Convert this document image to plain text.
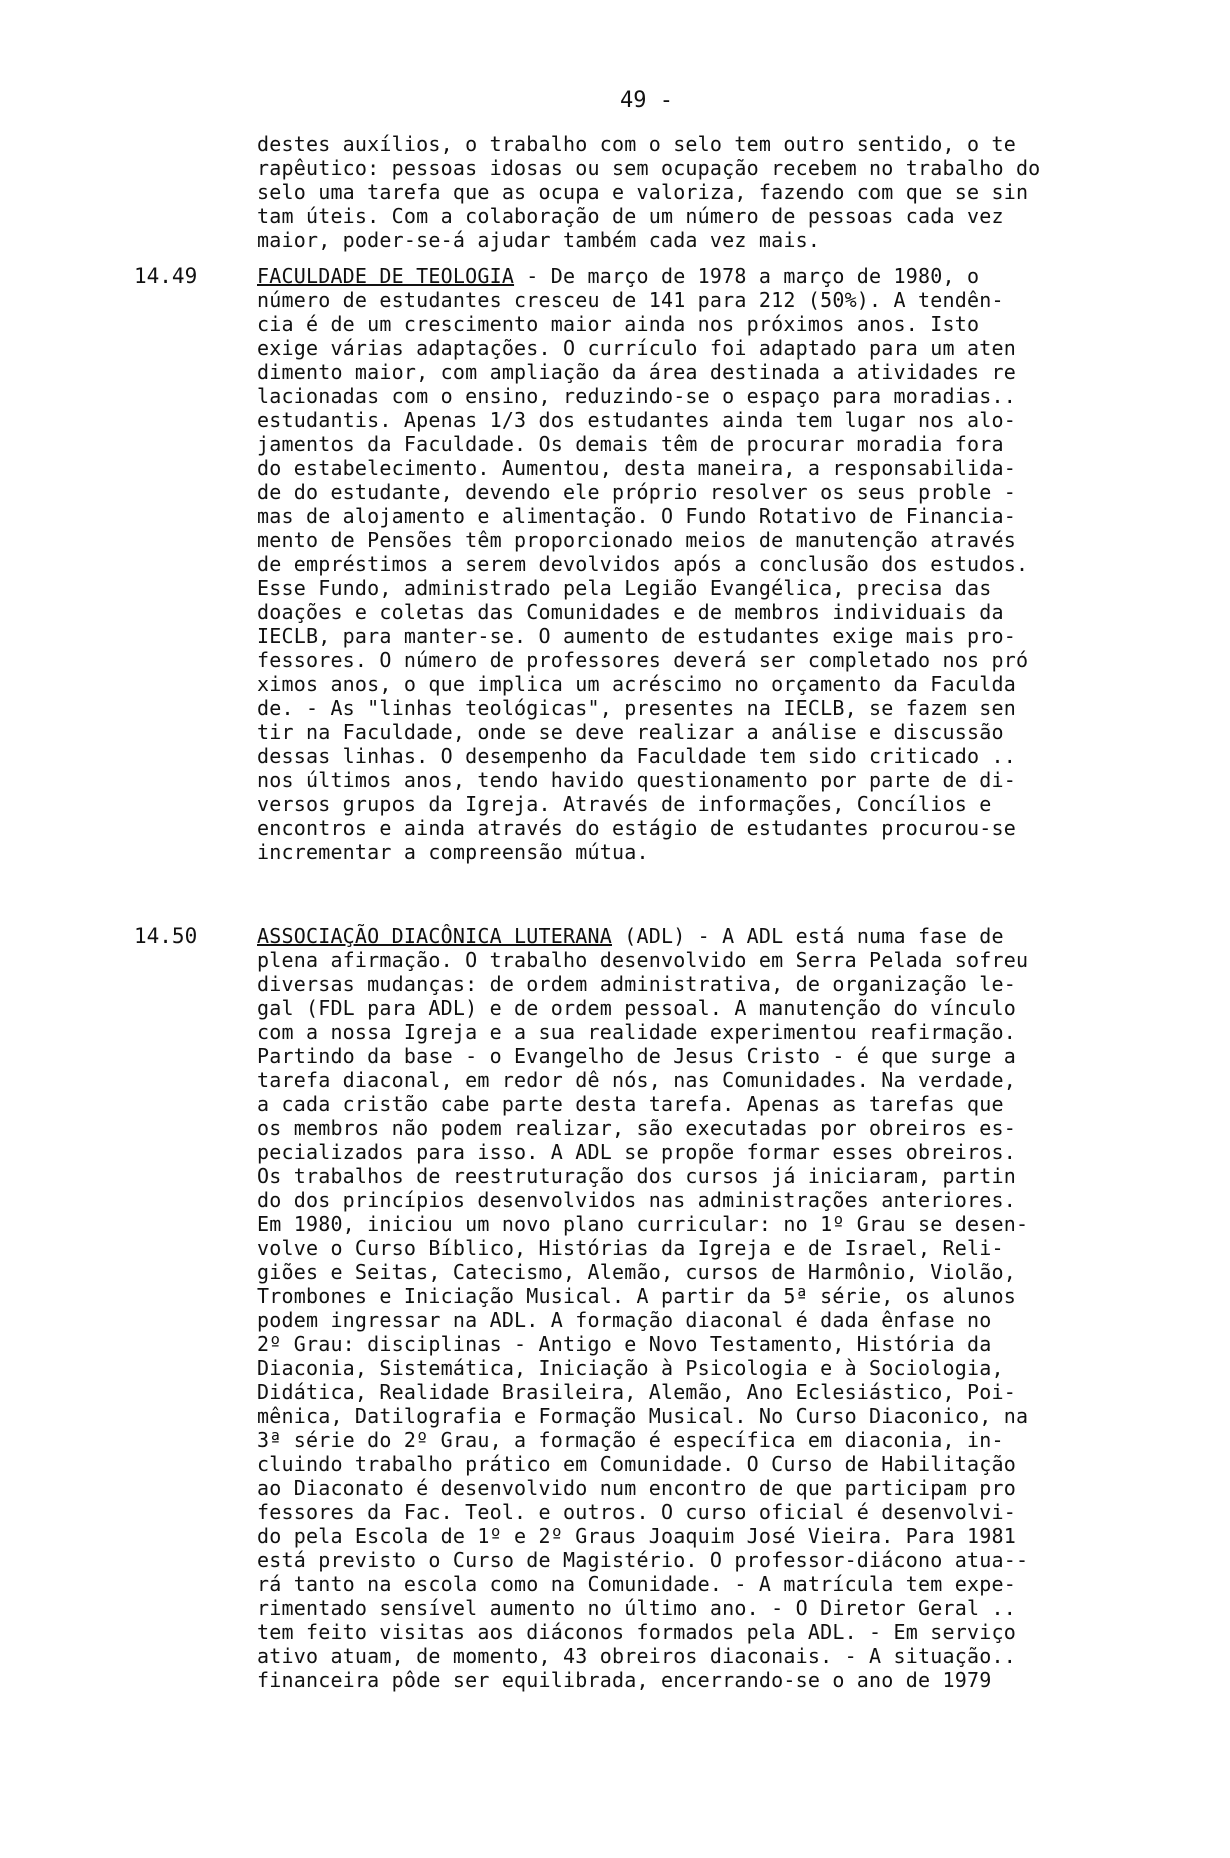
49 -
destes auxílios, o trabalho com o selo tem outro sentido, o te
rapêutico: pessoas idosas ou sem ocupação recebem no trabalho do
selo uma tarefa que as ocupa e valoriza, fazendo com que se sin
tam úteis. Com a colaboração de um número de pessoas cada vez
maior, poder-se-á ajudar também cada vez mais.
14.49	FACULDADE DE TEOLOGIA - De março de 1978 a março de 1980, o
número de estudantes cresceu de 141 para 212 (50%). A tendên-
cia é de um crescimento maior ainda nos próximos anos. Isto
exige várias adaptações. O currículo foi adaptado para um aten
dimento maior, com ampliação da área destinada a atividades re
lacionadas com o ensino, reduzindo-se o espaço para moradias..
estudantis. Apenas 1/3 dos estudantes ainda tem lugar nos alo-
jamentos da Faculdade. Os demais têm de procurar moradia fora
do estabelecimento. Aumentou, desta maneira, a responsabilida-
de do estudante, devendo ele próprio resolver os seus proble -
mas de alojamento e alimentação. O Fundo Rotativo de Financia-
mento de Pensões têm proporcionado meios de manutenção através
de empréstimos a serem devolvidos após a conclusão dos estudos.
Esse Fundo, administrado pela Legião Evangélica, precisa das
doações e coletas das Comunidades e de membros individuais da
IECLB, para manter-se. O aumento de estudantes exige mais pro-
fessores. O número de professores deverá ser completado nos pró
ximos anos, o que implica um acréscimo no orçamento da Faculda
de. - As "linhas teológicas", presentes na IECLB, se fazem sen
tir na Faculdade, onde se deve realizar a análise e discussão
dessas linhas. O desempenho da Faculdade tem sido criticado ..
nos últimos anos, tendo havido questionamento por parte de di-
versos grupos da Igreja. Através de informações, Concílios e
encontros e ainda através do estágio de estudantes procurou-se
incrementar a compreensão mútua.
14.50	ASSOCIAÇÃO DIACÔNICA LUTERANA (ADL) - A ADL está numa fase de
plena afirmação. O trabalho desenvolvido em Serra Pelada sofreu
diversas mudanças: de ordem administrativa, de organização le-
gal (FDL para ADL) e de ordem pessoal. A manutenção do vínculo
com a nossa Igreja e a sua realidade experimentou reafirmação.
Partindo da base - o Evangelho de Jesus Cristo - é que surge a
tarefa diaconal, em redor dê nós, nas Comunidades. Na verdade,
a cada cristão cabe parte desta tarefa. Apenas as tarefas que
os membros não podem realizar, são executadas por obreiros es-
pecializados para isso. A ADL se propõe formar esses obreiros.
Os trabalhos de reestruturação dos cursos já iniciaram, partin
do dos princípios desenvolvidos nas administrações anteriores.
Em 1980, iniciou um novo plano curricular: no 1º Grau se desen-
volve o Curso Bíblico, Histórias da Igreja e de Israel, Reli-
giões e Seitas, Catecismo, Alemão, cursos de Harmônio, Violão,
Trombones e Iniciação Musical. A partir da 5ª série, os alunos
podem ingressar na ADL. A formação diaconal é dada ênfase no
2º Grau: disciplinas - Antigo e Novo Testamento, História da
Diaconia, Sistemática, Iniciação à Psicologia e à Sociologia,
Didática, Realidade Brasileira, Alemão, Ano Eclesiástico, Poi-
mênica, Datilografia e Formação Musical. No Curso Diaconico, na
3ª série do 2º Grau, a formação é específica em diaconia, in-
cluindo trabalho prático em Comunidade. O Curso de Habilitação
ao Diaconato é desenvolvido num encontro de que participam pro
fessores da Fac. Teol. e outros. O curso oficial é desenvolvi-
do pela Escola de 1º e 2º Graus Joaquim José Vieira. Para 1981
está previsto o Curso de Magistério. O professor-diácono atua--
rá tanto na escola como na Comunidade. - A matrícula tem expe-
rimentado sensível aumento no último ano. - O Diretor Geral ..
tem feito visitas aos diáconos formados pela ADL. - Em serviço
ativo atuam, de momento, 43 obreiros diaconais. - A situação..
financeira pôde ser equilibrada, encerrando-se o ano de 1979
